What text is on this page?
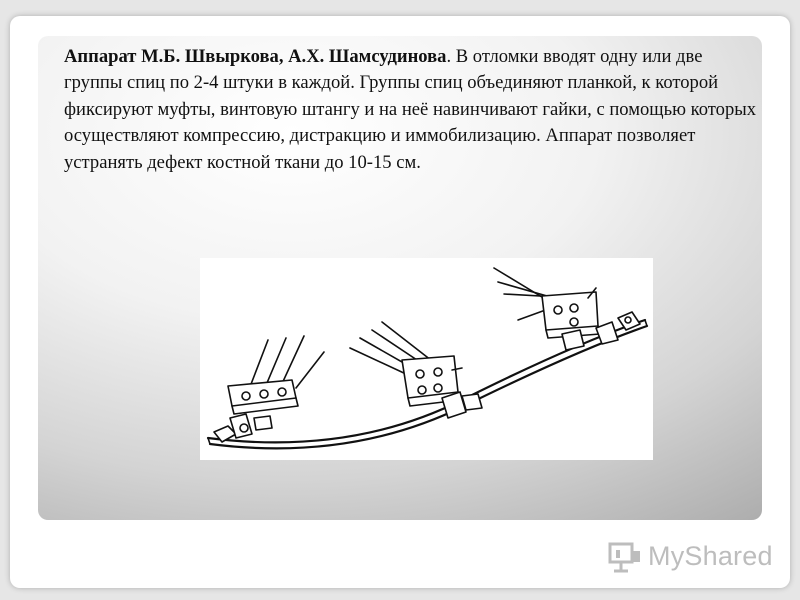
Аппарат М.Б. Швыркова, А.Х. Шамсудинова. В отломки вводят одну или две группы спиц по 2-4 штуки в каждой. Группы спиц объединяют планкой, к которой фиксируют муфты, винтовую штангу и на неё навинчивают гайки, с помощью которых осуществляют компрессию, дистракцию и иммобилизацию. Аппарат позволяет устранять дефект костной ткани до 10-15 см.

MyShared
